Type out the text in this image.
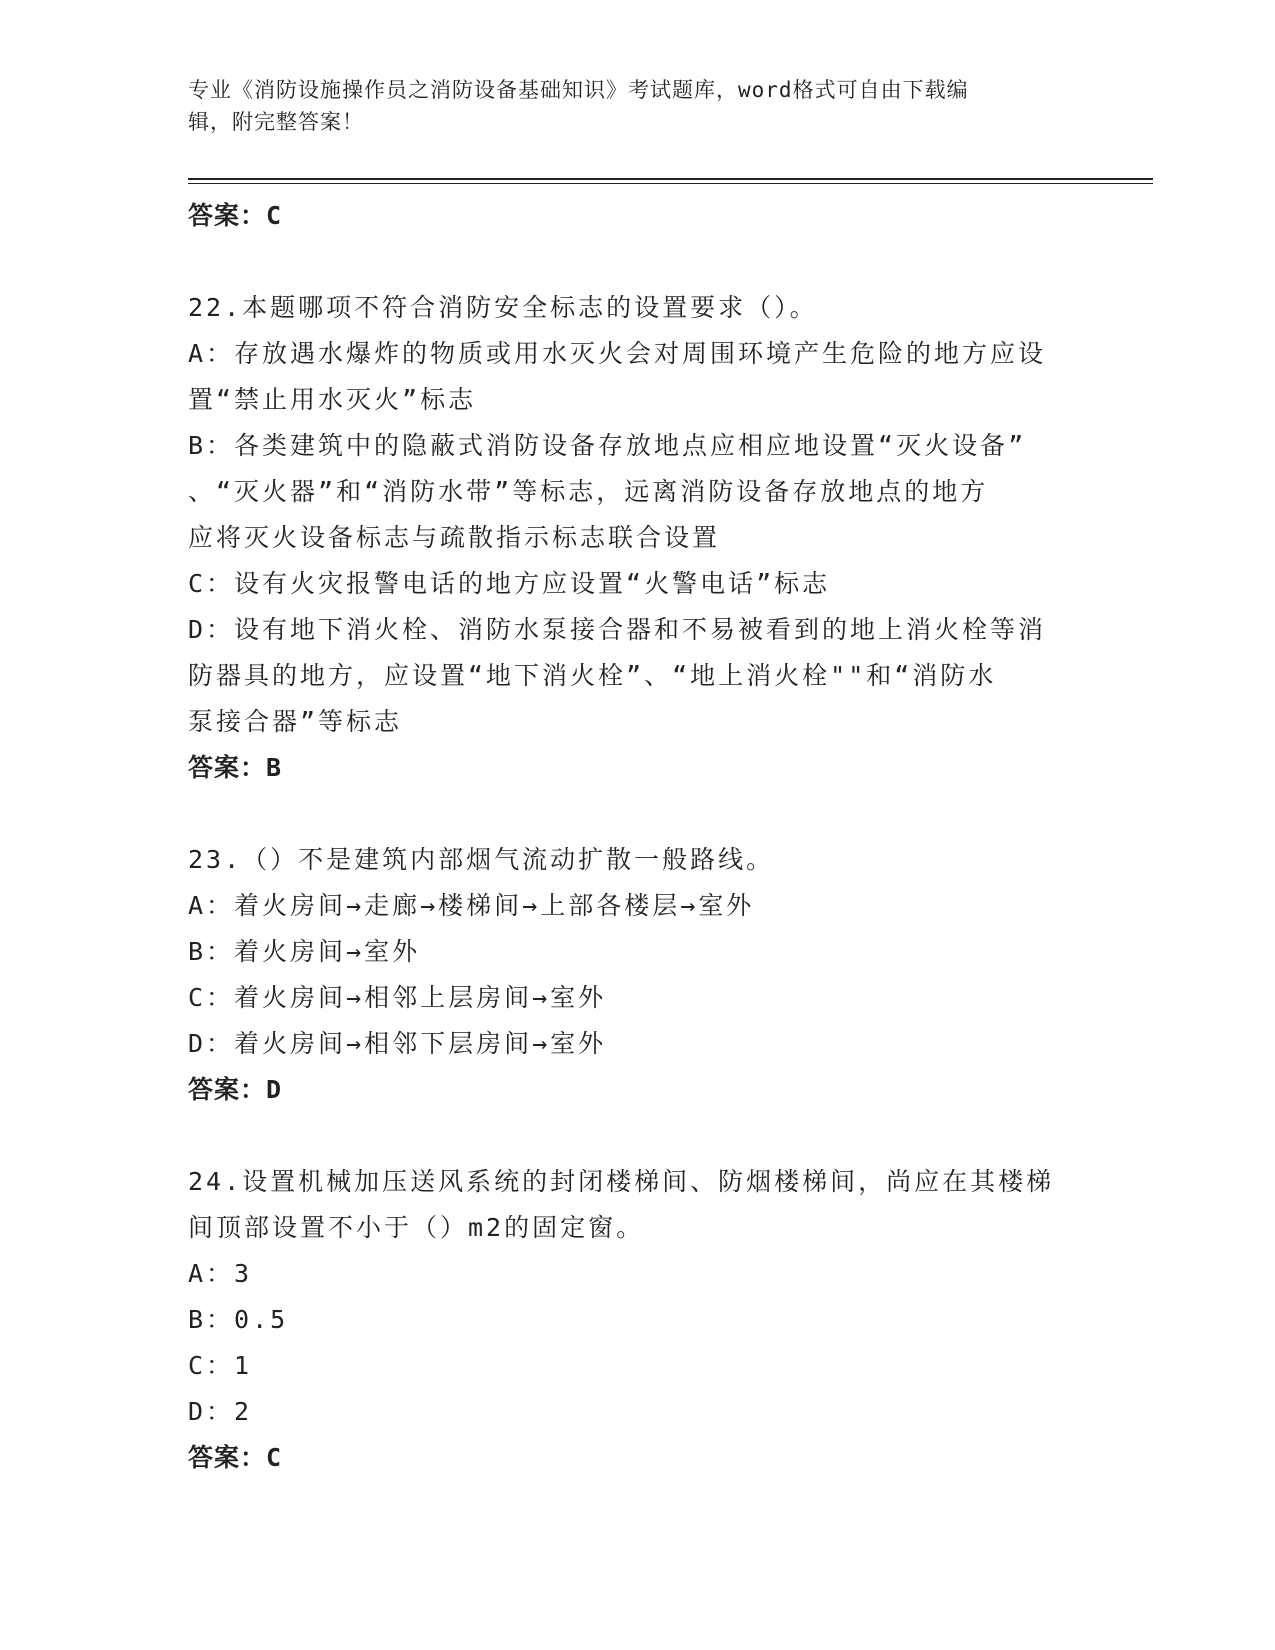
专业《消防设施操作员之消防设备基础知识》考试题库，word格式可自由下载编
辑，附完整答案！
答案：C
22.本题哪项不符合消防安全标志的设置要求（）。
A：存放遇水爆炸的物质或用水灭火会对周围环境产生危险的地方应设
置“禁止用水灭火”标志
B：各类建筑中的隐蔽式消防设备存放地点应相应地设置“灭火设备”
、“灭火器”和“消防水带”等标志，远离消防设备存放地点的地方
应将灭火设备标志与疏散指示标志联合设置
C：设有火灾报警电话的地方应设置“火警电话”标志
D：设有地下消火栓、消防水泵接合器和不易被看到的地上消火栓等消
防器具的地方，应设置“地下消火栓”、“地上消火栓""和“消防水
泵接合器”等标志
答案：B
23.（）不是建筑内部烟气流动扩散一般路线。
A：着火房间→走廊→楼梯间→上部各楼层→室外
B：着火房间→室外
C：着火房间→相邻上层房间→室外
D：着火房间→相邻下层房间→室外
答案：D
24.设置机械加压送风系统的封闭楼梯间、防烟楼梯间，尚应在其楼梯
间顶部设置不小于（）m2的固定窗。
A：3
B：0.5
C：1
D：2
答案：C
